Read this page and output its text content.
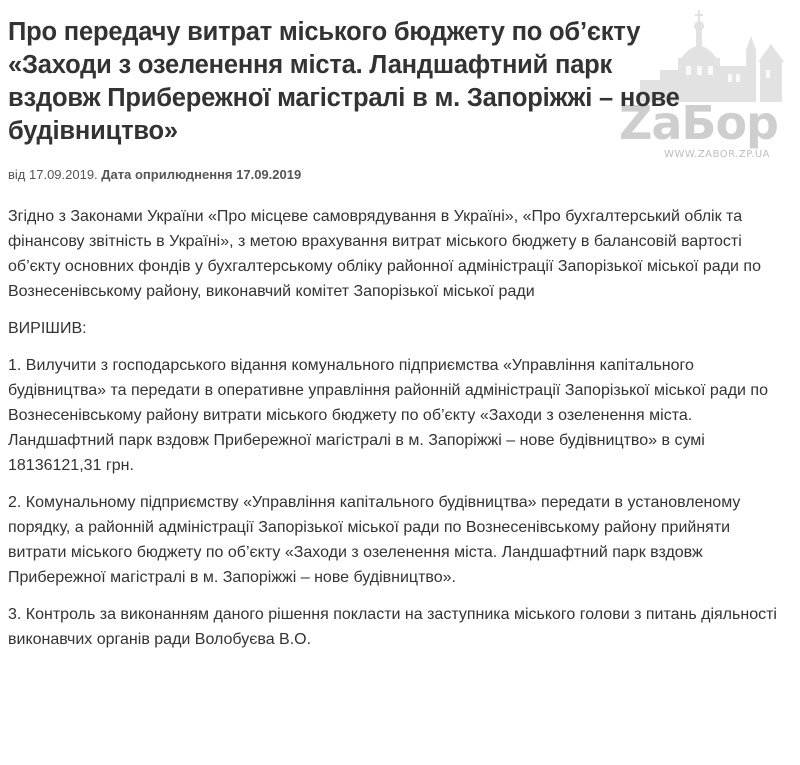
ZaБор
WWW.ZABOR.ZP.UA
Про передачу витрат міського бюджету по об’єкту «Заходи з озеленення міста. Ландшафтний парк вздовж Прибережної магістралі в м. Запоріжжі – нове будівництво»
від 17.09.2019. Дата оприлюднення 17.09.2019

Згідно з Законами України «Про місцеве самоврядування в Україні», «Про бухгалтерський облік та фінансову звітність в Україні», з метою врахування витрат міського бюджету в балансовій вартості об’єкту основних фондів у бухгалтерському обліку районної адміністрації Запорізької міської ради по Вознесенівському району, виконавчий комітет Запорізької міської ради

ВИРІШИВ:

1. Вилучити з господарського відання комунального підприємства «Управління капітального будівництва» та передати в оперативне управління районній адміністрації Запорізької міської ради по Вознесенівському району витрати міського бюджету по об’єкту «Заходи з озеленення міста. Ландшафтний парк вздовж Прибережної магістралі в м. Запоріжжі – нове будівництво» в сумі 18136121,31 грн.

2. Комунальному підприємству «Управління капітального будівництва» передати в установленому порядку, а районній адміністрації Запорізької міської ради по Вознесенівському району прийняти витрати міського бюджету по об’єкту «Заходи з озеленення міста. Ландшафтний парк вздовж Прибережної магістралі в м. Запоріжжі – нове будівництво».

3. Контроль за виконанням даного рішення покласти на заступника міського голови з питань діяльності виконавчих органів ради Волобуєва В.О.
